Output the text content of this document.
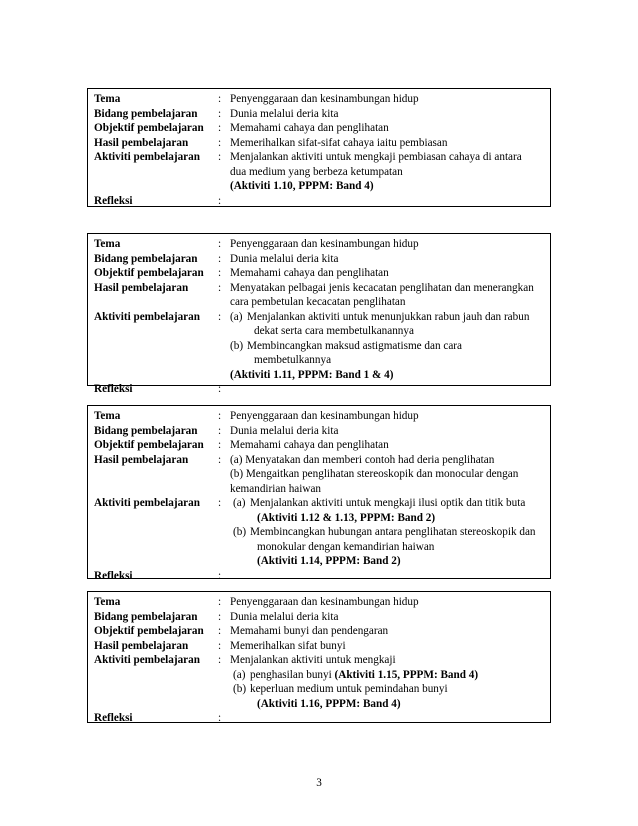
Tema	: Penyenggaraan dan kesinambungan hidup
Bidang pembelajaran	: Dunia melalui deria kita
Objektif pembelajaran	: Memahami cahaya dan penglihatan
Hasil pembelajaran	: Memerihalkan sifat-sifat cahaya iaitu pembiasan
Aktiviti pembelajaran	: Menjalankan aktiviti untuk mengkaji pembiasan cahaya di antara
dua medium yang berbeza ketumpatan
(Aktiviti 1.10, PPPM: Band 4)
Refleksi	:
Tema	: Penyenggaraan dan kesinambungan hidup
Bidang pembelajaran	: Dunia melalui deria kita
Objektif pembelajaran	: Memahami cahaya dan penglihatan
Hasil pembelajaran	: Menyatakan pelbagai jenis kecacatan penglihatan dan menerangkan
cara pembetulan kecacatan penglihatan
Aktiviti pembelajaran	: (a) Menjalankan aktiviti untuk menunjukkan rabun jauh dan rabun
dekat serta cara membetulkanannya
(b) Membincangkan maksud astigmatisme dan cara
membetulkannya
(Aktiviti 1.11, PPPM: Band 1 & 4)
Refleksi	:
Tema	: Penyenggaraan dan kesinambungan hidup
Bidang pembelajaran	: Dunia melalui deria kita
Objektif pembelajaran	: Memahami cahaya dan penglihatan
Hasil pembelajaran	: (a) Menyatakan dan memberi contoh had deria penglihatan
(b) Mengaitkan penglihatan stereoskopik dan monocular dengan
kemandirian haiwan
Aktiviti pembelajaran	:	(a) Menjalankan aktiviti untuk mengkaji ilusi optik dan titik buta
(Aktiviti 1.12 & 1.13, PPPM: Band 2)
(b) Membincangkan hubungan antara penglihatan stereoskopik dan
monokular dengan kemandirian haiwan
(Aktiviti 1.14, PPPM: Band 2)
Refleksi	:
Tema	: Penyenggaraan dan kesinambungan hidup
Bidang pembelajaran	: Dunia melalui deria kita
Objektif pembelajaran	: Memahami bunyi dan pendengaran
Hasil pembelajaran	: Memerihalkan sifat bunyi
Aktiviti pembelajaran	: Menjalankan aktiviti untuk mengkaji
(a) penghasilan bunyi (Aktiviti 1.15, PPPM: Band 4)
(b) keperluan medium untuk pemindahan bunyi
(Aktiviti 1.16, PPPM: Band 4)
Refleksi	:
3
